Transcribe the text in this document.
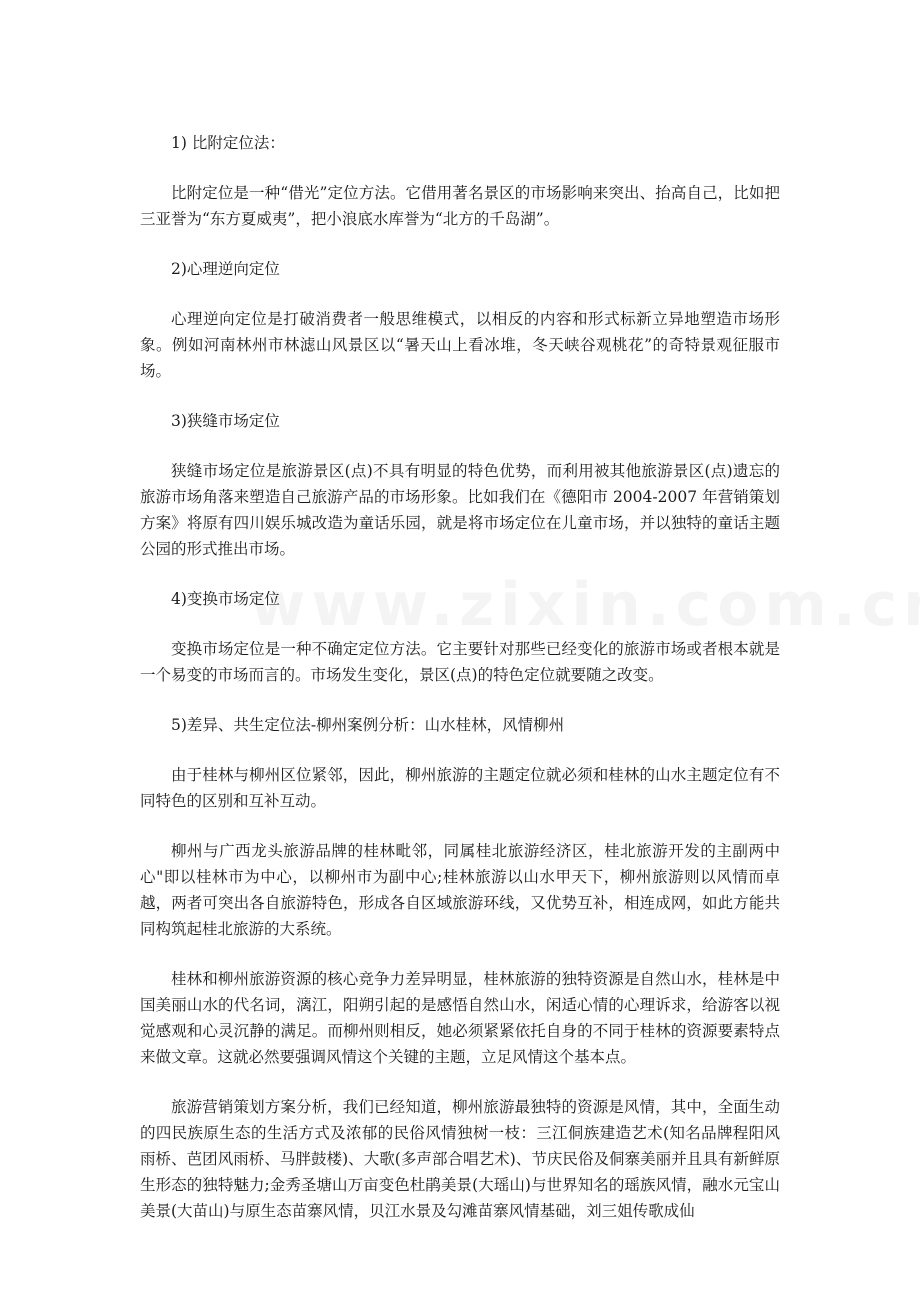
1) 比附定位法：

比附定位是一种“借光”定位方法。它借用著名景区的市场影响来突出、抬高自己，比如把三亚誉为“东方夏威夷”，把小浪底水库誉为“北方的千岛湖”。

2)心理逆向定位

心理逆向定位是打破消费者一般思维模式，以相反的内容和形式标新立异地塑造市场形象。例如河南林州市林滤山风景区以“暑天山上看冰堆，冬天峡谷观桃花”的奇特景观征服市场。

3)狭缝市场定位

狭缝市场定位是旅游景区(点)不具有明显的特色优势，而利用被其他旅游景区(点)遗忘的旅游市场角落来塑造自己旅游产品的市场形象。比如我们在《德阳市 2004-2007 年营销策划方案》将原有四川娱乐城改造为童话乐园，就是将市场定位在儿童市场，并以独特的童话主题公园的形式推出市场。

4)变换市场定位

变换市场定位是一种不确定定位方法。它主要针对那些已经变化的旅游市场或者根本就是一个易变的市场而言的。市场发生变化，景区(点)的特色定位就要随之改变。

5)差异、共生定位法-柳州案例分析：山水桂林，风情柳州

由于桂林与柳州区位紧邻，因此，柳州旅游的主题定位就必须和桂林的山水主题定位有不同特色的区别和互补互动。

柳州与广西龙头旅游品牌的桂林毗邻，同属桂北旅游经济区，桂北旅游开发的主副两中心"即以桂林市为中心，以柳州市为副中心;桂林旅游以山水甲天下，柳州旅游则以风情而卓越，两者可突出各自旅游特色，形成各自区域旅游环线，又优势互补，相连成网，如此方能共同构筑起桂北旅游的大系统。

桂林和柳州旅游资源的核心竞争力差异明显，桂林旅游的独特资源是自然山水，桂林是中国美丽山水的代名词，漓江，阳朔引起的是感悟自然山水，闲适心情的心理诉求，给游客以视觉感观和心灵沉静的满足。而柳州则相反，她必须紧紧依托自身的不同于桂林的资源要素特点来做文章。这就必然要强调风情这个关键的主题，立足风情这个基本点。

旅游营销策划方案分析，我们已经知道，柳州旅游最独特的资源是风情，其中，全面生动的四民族原生态的生活方式及浓郁的民俗风情独树一枝：三江侗族建造艺术(知名品牌程阳风雨桥、芭团风雨桥、马胖鼓楼)、大歌(多声部合唱艺术)、节庆民俗及侗寨美丽并且具有新鲜原生形态的独特魅力;金秀圣塘山万亩变色杜鹃美景(大瑶山)与世界知名的瑶族风情，融水元宝山美景(大苗山)与原生态苗寨风情，贝江水景及勾滩苗寨风情基础，刘三姐传歌成仙
